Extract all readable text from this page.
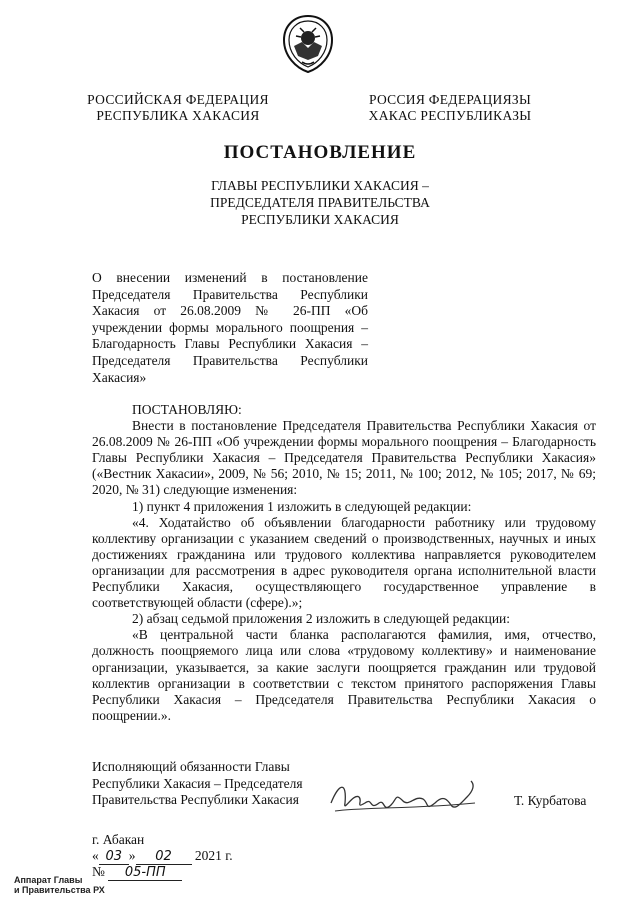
РОССИЙСКАЯ ФЕДЕРАЦИЯ
РЕСПУБЛИКА ХАКАСИЯ
РОССИЯ ФЕДЕРАЦИЯЗЫ
ХАКАС РЕСПУБЛИКАЗЫ
ПОСТАНОВЛЕНИЕ
ГЛАВЫ РЕСПУБЛИКИ ХАКАСИЯ –
ПРЕДСЕДАТЕЛЯ ПРАВИТЕЛЬСТВА
РЕСПУБЛИКИ ХАКАСИЯ
О внесении изменений в постановление Председателя Правительства Республики Хакасия от 26.08.2009 № 26-ПП «Об учреждении формы морального поощрения – Благодарность Главы Республики Хакасия – Председателя Правительства Республики Хакасия»

ПОСТАНОВЛЯЮ:

Внести в постановление Председателя Правительства Республики Хакасия от 26.08.2009 № 26-ПП «Об учреждении формы морального поощрения – Благодарность Главы Республики Хакасия – Председателя Правительства Республики Хакасия» («Вестник Хакасии», 2009, № 56; 2010, № 15; 2011, № 100; 2012, № 105; 2017, № 69; 2020, № 31) следующие изменения:

1) пункт 4 приложения 1 изложить в следующей редакции:

«4. Ходатайство об объявлении благодарности работнику или трудовому коллективу организации с указанием сведений о производственных, научных и иных достижениях гражданина или трудового коллектива направляется руководителем организации для рассмотрения в адрес руководителя органа исполнительной власти Республики Хакасия, осуществляющего государственное управление в соответствующей области (сфере).»;

2) абзац седьмой приложения 2 изложить в следующей редакции:

«В центральной части бланка располагаются фамилия, имя, отчество, должность поощряемого лица или слова «трудовому коллективу» и наименование организации, указывается, за какие заслуги поощряется гражданин или трудовой коллектив организации в соответствии с текстом принятого распоряжения Главы Республики Хакасия – Председателя Правительства Республики Хакасия о поощрении.».

Исполняющий обязанности Главы
Республики Хакасия – Председателя
Правительства Республики Хакасия	Т. Курбатова
г. Абакан
« 03 » 02 2021 г.
№ 05-ПП
Аппарат Главы
и Правительства РХ
